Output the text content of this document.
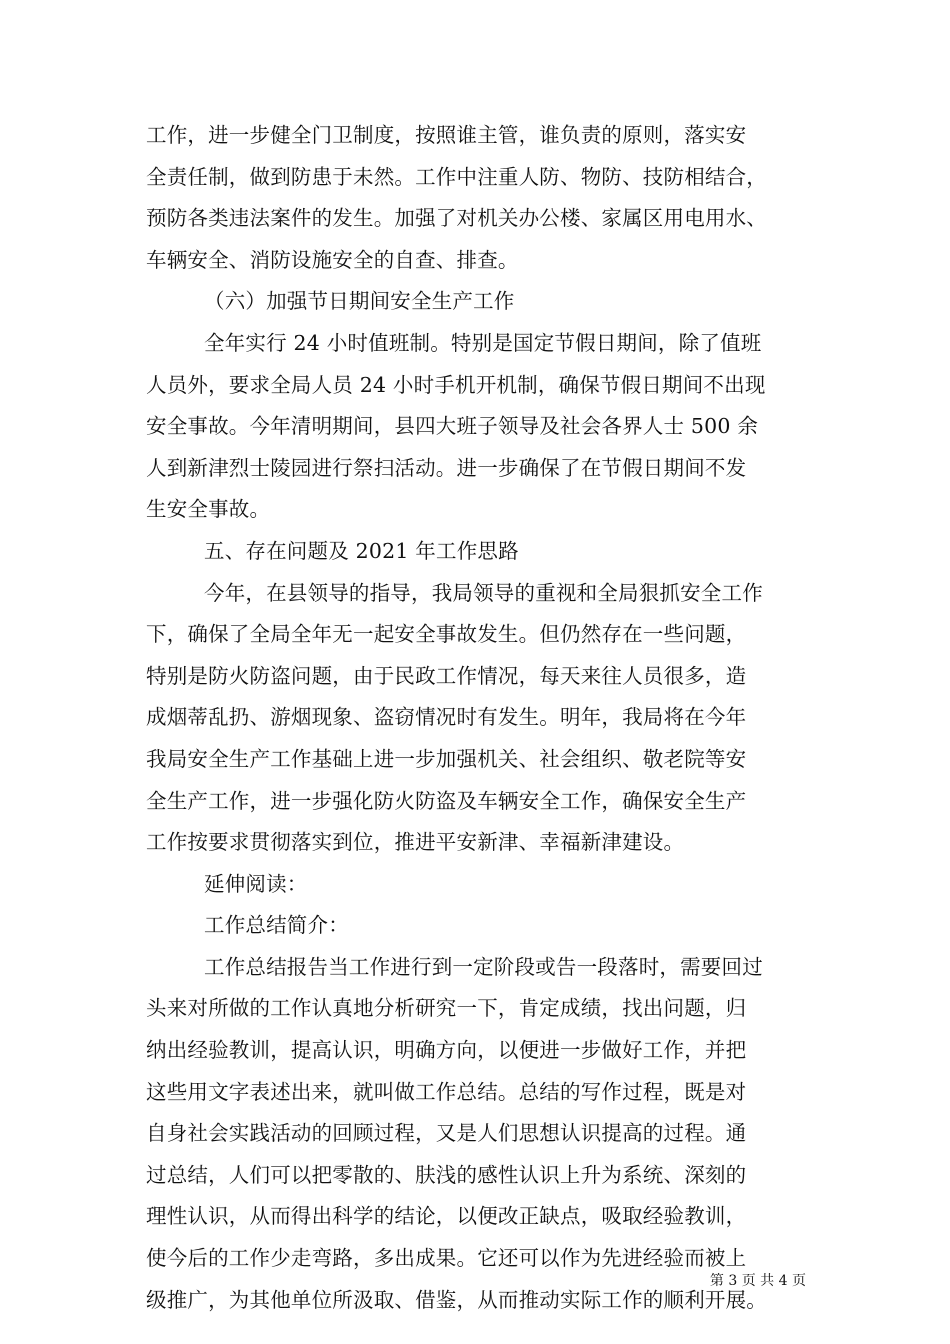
工作，进一步健全门卫制度，按照谁主管，谁负责的原则，落实安
全责任制，做到防患于未然。工作中注重人防、物防、技防相结合，
预防各类违法案件的发生。加强了对机关办公楼、家属区用电用水、
车辆安全、消防设施安全的自查、排查。
（六）加强节日期间安全生产工作
全年实行 24 小时值班制。特别是国定节假日期间，除了值班
人员外，要求全局人员 24 小时手机开机制，确保节假日期间不出现
安全事故。今年清明期间，县四大班子领导及社会各界人士 500 余
人到新津烈士陵园进行祭扫活动。进一步确保了在节假日期间不发
生安全事故。
五、存在问题及 2021 年工作思路
今年，在县领导的指导，我局领导的重视和全局狠抓安全工作
下，确保了全局全年无一起安全事故发生。但仍然存在一些问题，
特别是防火防盗问题，由于民政工作情况，每天来往人员很多，造
成烟蒂乱扔、游烟现象、盗窃情况时有发生。明年，我局将在今年
我局安全生产工作基础上进一步加强机关、社会组织、敬老院等安
全生产工作，进一步强化防火防盗及车辆安全工作，确保安全生产
工作按要求贯彻落实到位，推进平安新津、幸福新津建设。
延伸阅读：
工作总结简介：
工作总结报告当工作进行到一定阶段或告一段落时，需要回过
头来对所做的工作认真地分析研究一下，肯定成绩，找出问题，归
纳出经验教训，提高认识，明确方向，以便进一步做好工作，并把
这些用文字表述出来，就叫做工作总结。总结的写作过程，既是对
自身社会实践活动的回顾过程，又是人们思想认识提高的过程。通
过总结，人们可以把零散的、肤浅的感性认识上升为系统、深刻的
理性认识，从而得出科学的结论，以便改正缺点，吸取经验教训，
使今后的工作少走弯路，多出成果。它还可以作为先进经验而被上
级推广，为其他单位所汲取、借鉴，从而推动实际工作的顺利开展。
第 3 页 共 4 页
